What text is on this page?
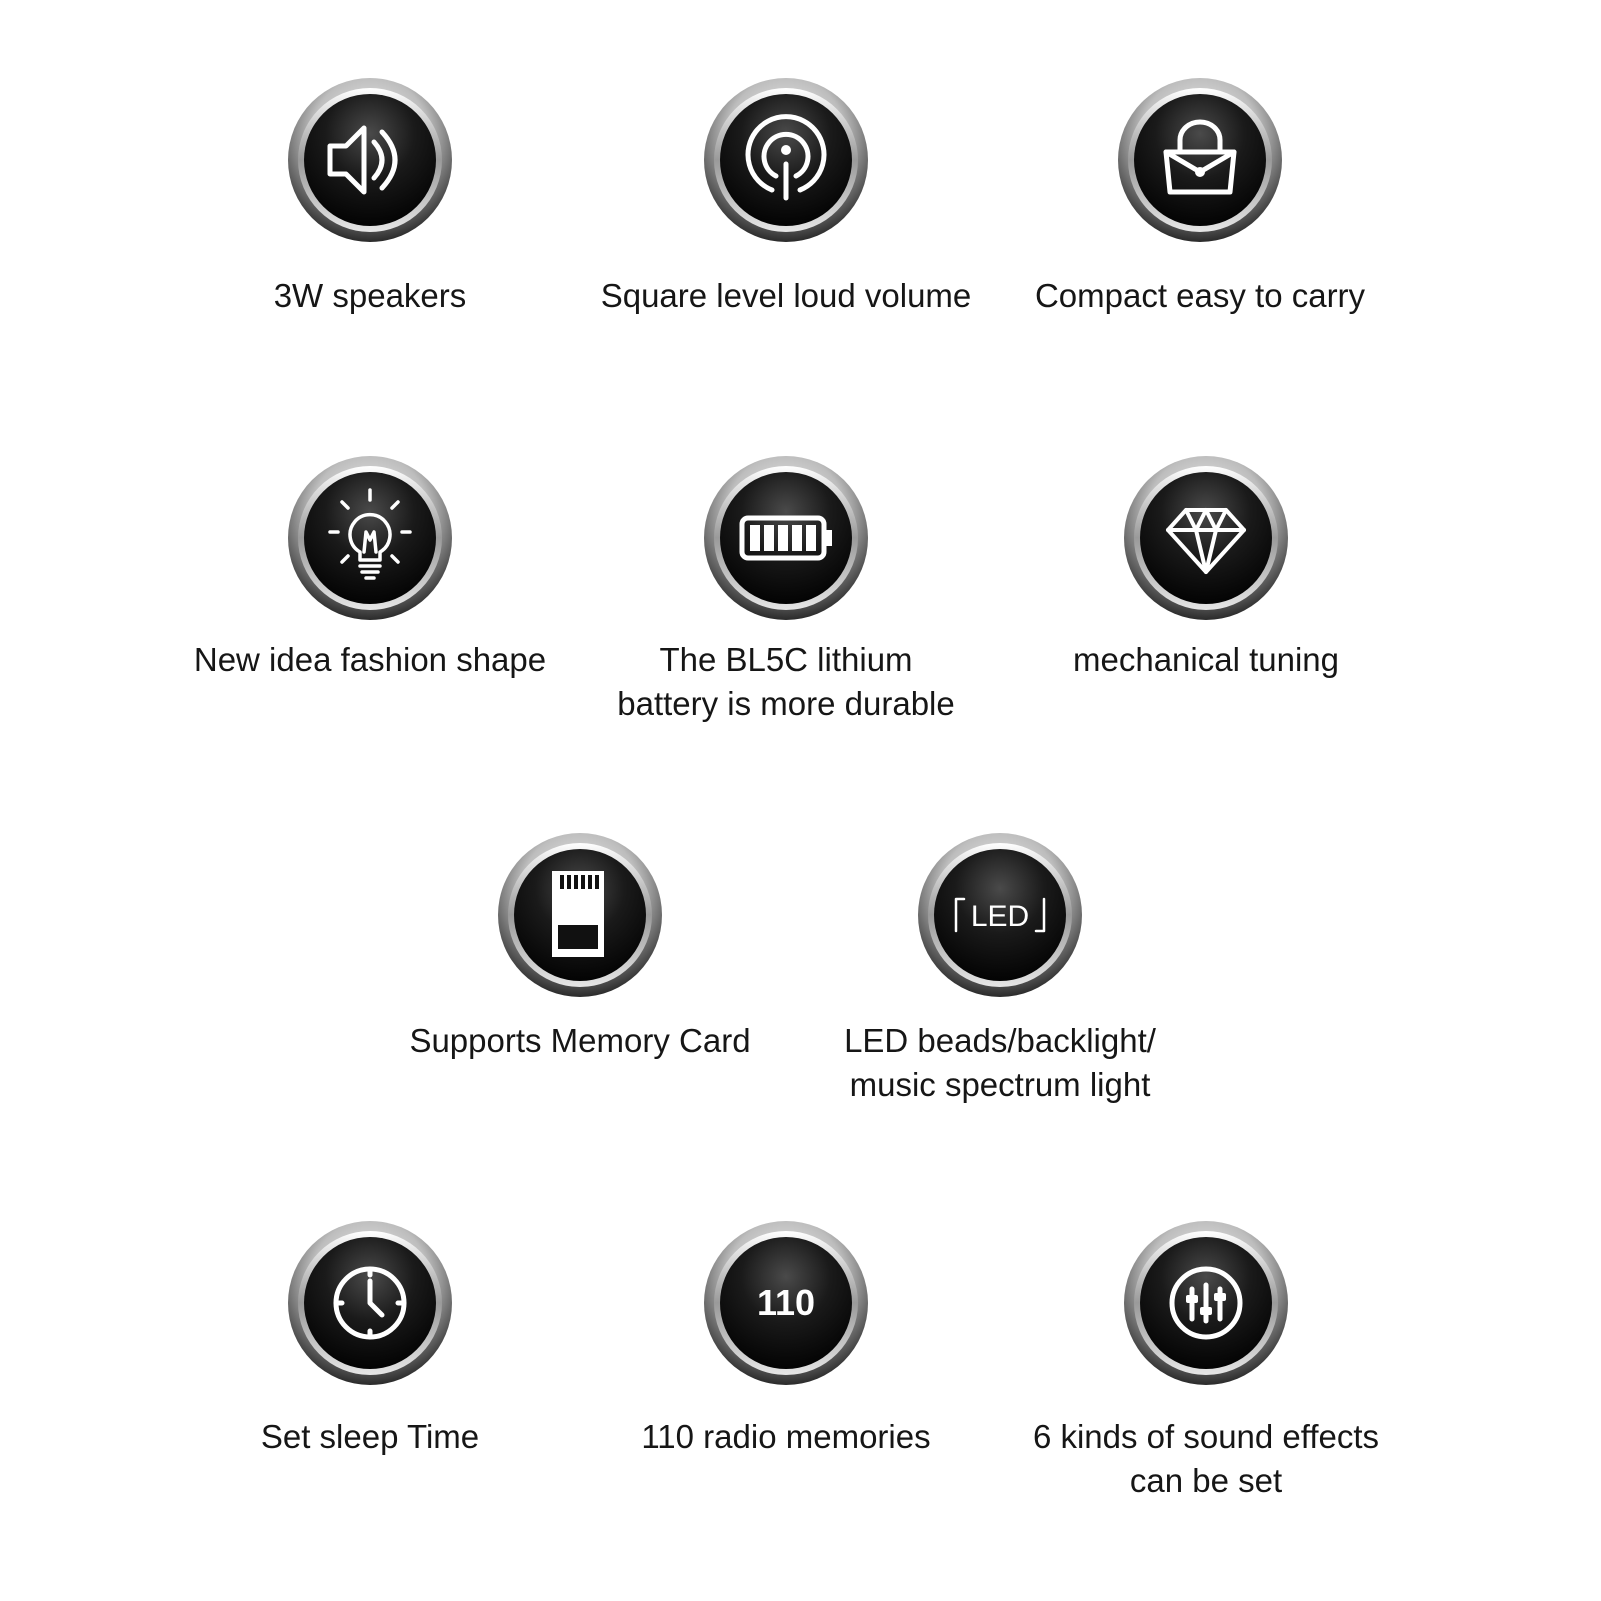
3W speakers	Square level loud volume	Compact easy to carry
New idea fashion shape	The BL5C lithium
battery is more durable
mechanical tuning
Supports Memory Card
LED
LED beads/backlight/
music spectrum light
Set sleep Time
110
110 radio memories	6 kinds of sound effects
can be set
